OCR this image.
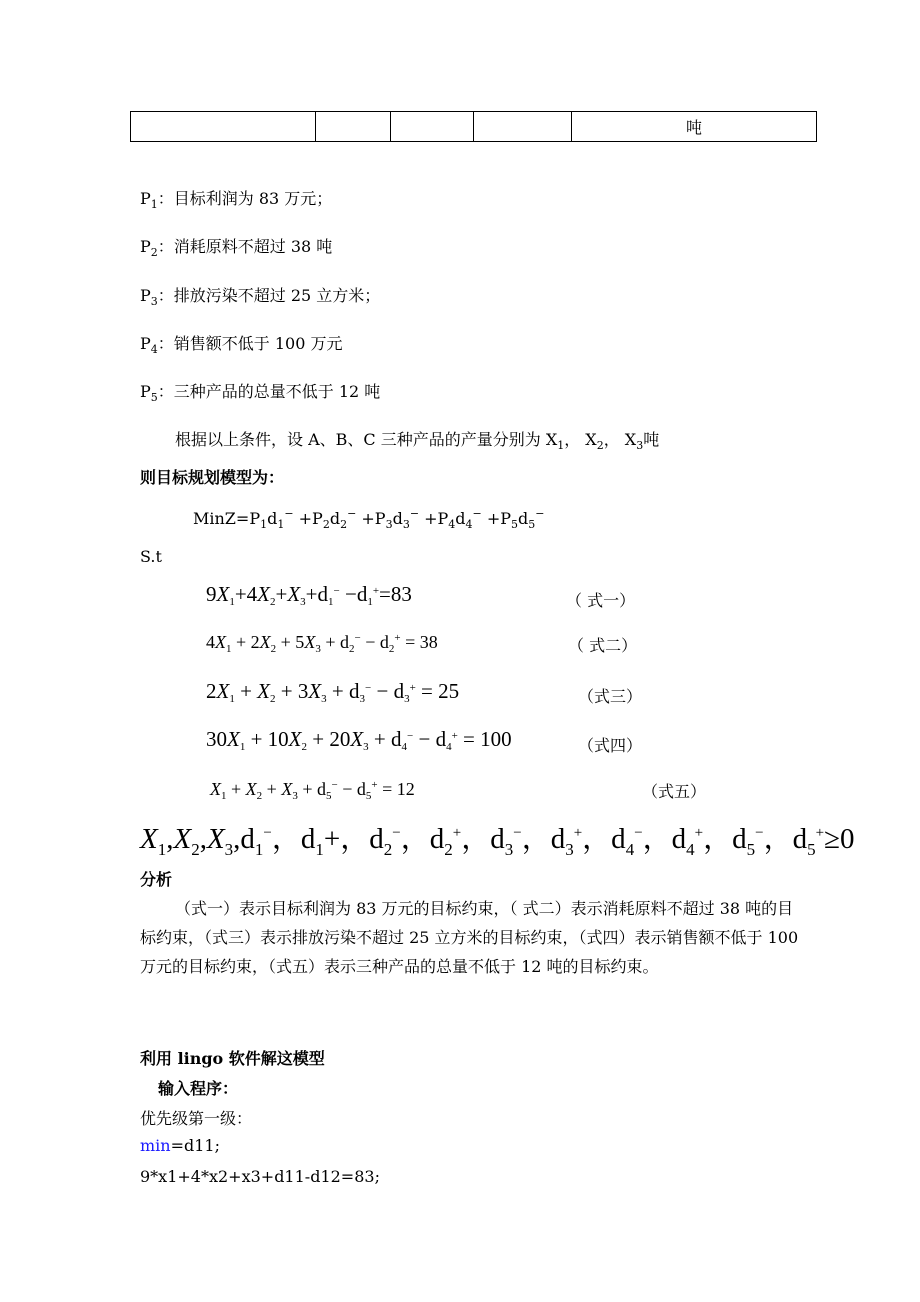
				吨
$P_1$：目标利润为 83 万元；
$P_2$：消耗原料不超过 38 吨
$P_3$：排放污染不超过 25 立方米；
$P_4$：销售额不低于 100 万元
$P_5$：三种产品的总量不低于 12 吨
根据以上条件，设 A、B、C 三种产品的产量分别为 $X_1$， $X_2$， $X_3$吨
则目标规划模型为：
$MinZ=P_1d_1^- +P_2d_2^- +P_3d_3^- +P_4d_4^- +P_5d_5^-$
S.t
$9X_1+4X_2+X_3+d_1^- -d_1^+=83$	（ 式一）
$4X_1 + 2X_2 + 5X_3 + d_2^- - d_2^+ = 38$	（ 式二）
$2X_1 + X_2 + 3X_3 + d_3^- - d_3^+ = 25$	（式三）
$30X_1 + 10X_2 + 20X_3 + d_4^- - d_4^+ = 100$	（式四）
$X_1 + X_2 + X_3 + d_5^- - d_5^+ = 12$	（式五）
$X_1,X_2,X_3,d_1^-$，$d_1+$，$d_2^-$，$d_2^+$，$d_3^-$，$d_3^+$，$d_4^-$，$d_4^+$，$d_5^-$，$d_5^+\ge 0$
分析
（式一）表示目标利润为 83 万元的目标约束，（ 式二）表示消耗原料不超过 38 吨的目标约束，（式三）表示排放污染不超过 25 立方米的目标约束，（式四）表示销售额不低于 100 万元的目标约束，（式五）表示三种产品的总量不低于 12 吨的目标约束。
利用 lingo 软件解这模型
输入程序：
优先级第一级：
min=d11;
9*x1+4*x2+x3+d11-d12=83;
